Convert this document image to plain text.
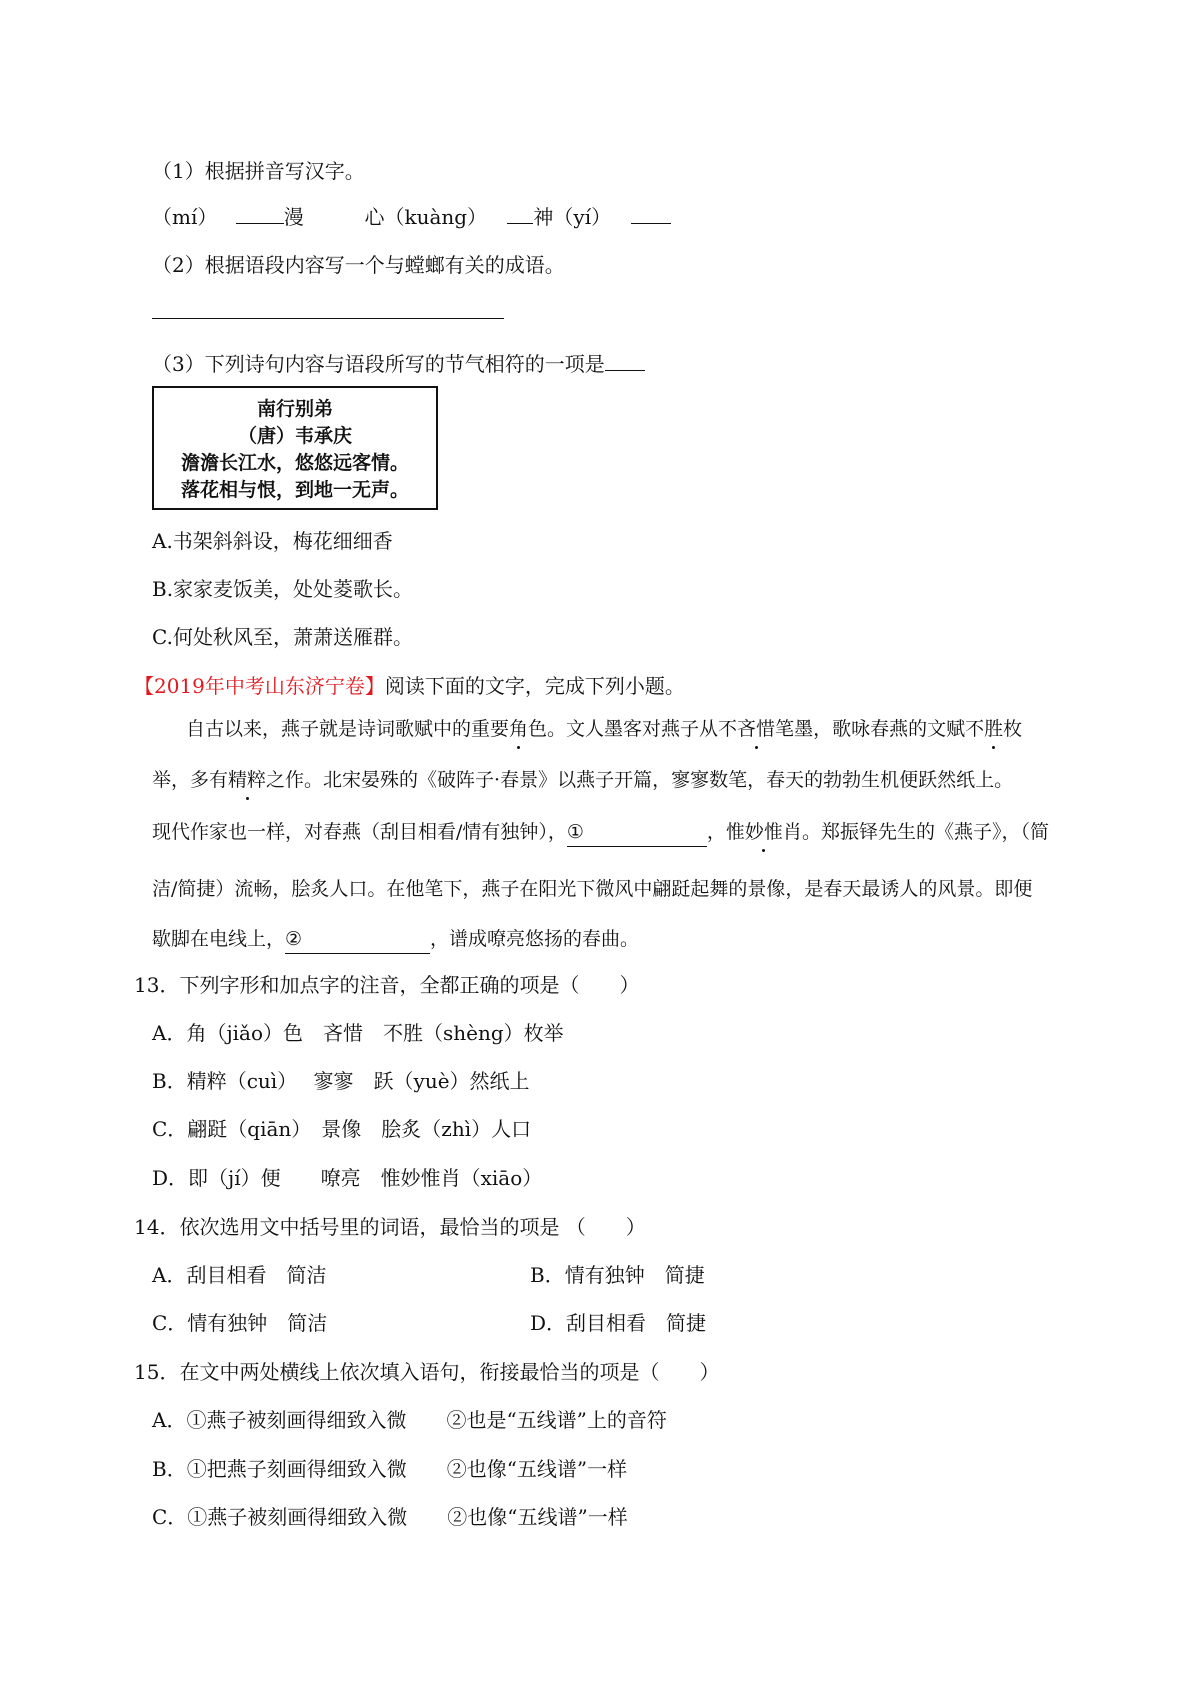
（1）根据拼音写汉字。
（mí）	漫	心（kuàng） 神（yí）
（2）根据语段内容写一个与螳螂有关的成语。
（3）下列诗句内容与语段所写的节气相符的一项是
南行别弟
（唐）韦承庆
澹澹长江水，悠悠远客情。
落花相与恨，到地一无声。
A.书架斜斜设，梅花细细香
B.家家麦饭美，处处菱歌长。
C.何处秋风至，萧萧送雁群。
【2019年中考山东济宁卷】阅读下面的文字，完成下列小题。
自古以来，燕子就是诗词歌赋中的重要角色。文人墨客对燕子从不吝惜笔墨，歌咏春燕的文赋不胜枚
举，多有精粹之作。北宋晏殊的《破阵子·春景》以燕子开篇，寥寥数笔，春天的勃勃生机便跃然纸上。
现代作家也一样，对春燕（刮目相看/情有独钟），①	，惟妙惟肖。郑振铎先生的《燕子》，（简
洁/简捷）流畅，脍炙人口。在他笔下，燕子在阳光下微风中翩跹起舞的景像，是春天最诱人的风景。即便
歇脚在电线上，②	，谱成嘹亮悠扬的春曲。
13．下列字形和加点字的注音，全都正确的项是（　　）
A．角（jiǎo）色　吝惜　不胜（shèng）枚举
B．精粹（cuì）　 寥寥　跃（yuè）然纸上
C．翩跹（qiān）　景像　脍炙（zhì）人口
D．即（jí）便　　嘹亮　惟妙惟肖（xiāo）
14．依次选用文中括号里的词语，最恰当的项是 （　　）
A．刮目相看　简洁	B．情有独钟　简捷
C．情有独钟　简洁	D．刮目相看　简捷
15．在文中两处横线上依次填入语句，衔接最恰当的项是（　　）
A．①燕子被刻画得细致入微　　②也是“五线谱”上的音符
B．①把燕子刻画得细致入微　　②也像“五线谱”一样
C．①燕子被刻画得细致入微　　②也像“五线谱”一样
